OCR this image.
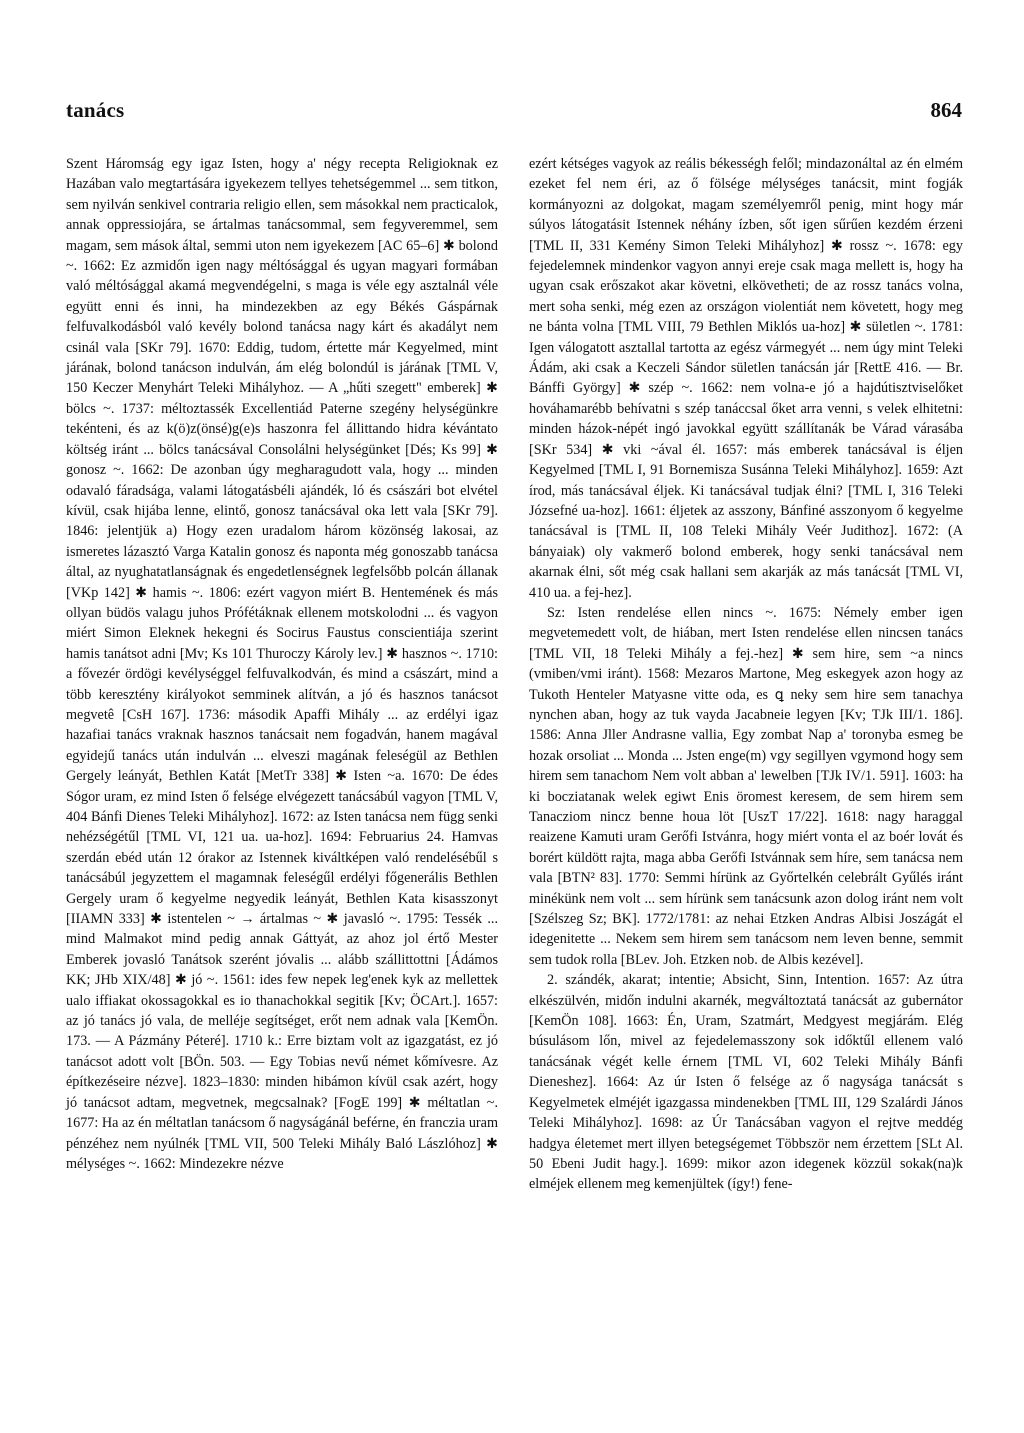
tanács	864

Szent Háromság egy igaz Isten, hogy a' négy recepta Religioknak ez Hazában valo megtartására igyekezem tellyes tehetségemmel ... sem titkon, sem nyilván senkivel contraria religio ellen, sem másokkal nem practicalok, annak oppressiojára, se ártalmas tanácsommal, sem fegyveremmel, sem magam, sem mások által, semmi uton nem igyekezem [AC 65–6] ✱ bolond ~. 1662: Ez azmidőn igen nagy méltósággal és ugyan magyari formában való méltósággal akamá megvendégelni, s maga is véle egy asztalnál véle együtt enni és inni, ha mindezekben az egy Békés Gáspárnak felfuvalkodásból való kevély bolond tanácsa nagy kárt és akadályt nem csinál vala [SKr 79]. 1670: Eddig, tudom, értette már Kegyelmed, mint járának, bolond tanácson indulván, ám elég bolondúl is járának [TML V, 150 Keczer Menyhárt Teleki Mihályhoz. — A „hűti szegett" emberek] ✱ bölcs ~. 1737: méltoztassék Excellentiád Paterne szegény helységünkre tekénteni, és az k(ö)z(önsé)g(e)s haszonra fel állittando hidra kévántato költség iránt ... bölcs tanácsával Consolálni helységünket [Dés; Ks 99] ✱ gonosz ~. 1662: De azonban úgy megharagudott vala, hogy ... minden odavaló fáradsága, valami látogatásbéli ajándék, ló és császári bot elvétel kívül, csak hijába lenne, elintő, gonosz tanácsával oka lett vala [SKr 79]. 1846: jelentjük a) Hogy ezen uradalom három közönség lakosai, az ismeretes lázasztó Varga Katalin gonosz és naponta még gonoszabb tanácsa által, az nyughatatlanságnak és engedetlenségnek legfelsőbb polcán állanak [VKp 142] ✱ hamis ~. 1806: ezért vagyon miért B. Hentemének és más ollyan büdös valagu juhos Prófétáknak ellenem motskolodni ... és vagyon miért Simon Eleknek hekegni és Socirus Faustus conscientiája szerint hamis tanátsot adni [Mv; Ks 101 Thuroczy Károly lev.] ✱ hasznos ~. 1710: a fővezér ördögi kevélységgel felfuvalkodván, és mind a császárt, mind a több keresztény királyokot semminek alítván, a jó és hasznos tanácsot megvetê [CsH 167]. 1736: második Apaffi Mihály ... az erdélyi igaz hazafiai tanács vraknak hasznos tanácsait nem fogadván, hanem magával egyidejű tanács után indulván ... elveszi magának feleségül az Bethlen Gergely leányát, Bethlen Katát [MetTr 338] ✱ Isten ~a. 1670: De édes Sógor uram, ez mind Isten ő felsége elvégezett tanácsábúl vagyon [TML V, 404 Bánfi Dienes Teleki Mihályhoz]. 1672: az Isten tanácsa nem függ senki nehézségétűl [TML VI, 121 ua. ua-hoz]. 1694: Februarius 24. Hamvas szerdán ebéd után 12 órakor az Istennek kiváltképen való rendelésébűl s tanácsábúl jegyzettem el magamnak feleségűl erdélyi főgenerális Bethlen Gergely uram ő kegyelme negyedik leányát, Bethlen Kata kisasszonyt [IIAMN 333] ✱ istentelen ~ → ártalmas ~ ✱ javasló ~. 1795: Tessék ... mind Malmakot mind pedig annak Gáttyát, az ahoz jol értő Mester Emberek jovasló Tanátsok szerént jóvalis ... alább szállittottni [Ádámos KK; JHb XIX/48] ✱ jó ~. 1561: ides few nepek leg'enek kyk az mellettek ualo iffiakat okossagokkal es io thanachokkal segitik [Kv; ÖCArt.]. 1657: az jó tanács jó vala, de melléje segítséget, erőt nem adnak vala [KemÖn. 173. — A Pázmány Péteré]. 1710 k.: Erre biztam volt az igazgatást, ez jó tanácsot adott volt [BÖn. 503. — Egy Tobias nevű német kőmívesre. Az építkezéseire nézve]. 1823–1830: minden hibámon kívül csak azért, hogy jó tanácsot adtam, megvetnek, megcsalnak? [FogE 199] ✱ méltatlan ~. 1677: Ha az én méltatlan tanácsom ő nagyságánál beférne, én franczia uram pénzéhez nem nyúlnék [TML VII, 500 Teleki Mihály Baló Lászlóhoz] ✱ mélységes ~. 1662: Mindezekre nézve

ezért kétséges vagyok az reális békességh felől; mindazonáltal az én elmém ezeket fel nem éri, az ő fölsége mélységes tanácsit, mint fogják kormányozni az dolgokat, magam személyemről penig, mint hogy már súlyos látogatásit Istennek néhány ízben, sőt igen sűrűen kezdém érzeni [TML II, 331 Kemény Simon Teleki Mihályhoz] ✱ rossz ~. 1678: egy fejedelemnek mindenkor vagyon annyi ereje csak maga mellett is, hogy ha ugyan csak erőszakot akar követni, elkövetheti; de az rossz tanács volna, mert soha senki, még ezen az országon violentiát nem követett, hogy meg ne bánta volna [TML VIII, 79 Bethlen Miklós ua-hoz] ✱ sületlen ~. 1781: Igen válogatott asztallal tartotta az egész vármegyét ... nem úgy mint Teleki Ádám, aki csak a Keczeli Sándor sületlen tanácsán jár [RettE 416. — Br. Bánffi György] ✱ szép ~. 1662: nem volna-e jó a hajdútisztviselőket hováhamarébb behívatni s szép tanáccsal őket arra venni, s velek elhitetni: minden házok-népét ingó javokkal együtt szállítanák be Várad várasába [SKr 534] ✱ vki ~ával él. 1657: más emberek tanácsával is éljen Kegyelmed [TML I, 91 Bornemisza Susánna Teleki Mihályhoz]. 1659: Azt írod, más tanácsával éljek. Ki tanácsával tudjak élni? [TML I, 316 Teleki Józsefné ua-hoz]. 1661: éljetek az asszony, Bánfiné asszonyom ő kegyelme tanácsával is [TML II, 108 Teleki Mihály Veér Judithoz]. 1672: (A bányaiak) oly vakmerő bolond emberek, hogy senki tanácsával nem akarnak élni, sőt még csak hallani sem akarják az más tanácsát [TML VI, 410 ua. a fej-hez].

Sz: Isten rendelése ellen nincs ~. 1675: Némely ember igen megvetemedett volt, de hiában, mert Isten rendelése ellen nincsen tanács [TML VII, 18 Teleki Mihály a fej.-hez] ✱ sem hire, sem ~a nincs (vmiben/vmi iránt). 1568: Mezaros Martone, Meg eskegyek azon hogy az Tukoth Henteler Matyasne vitte oda, es ꝗ neky sem hire sem tanachya nynchen aban, hogy az tuk vayda Jacabneie legyen [Kv; TJk III/1. 186]. 1586: Anna Jller Andrasne vallia, Egy zombat Nap a' toronyba esmeg be hozak orsoliat ... Monda ... Jsten enge(m) vgy segillyen vgymond hogy sem hirem sem tanachom Nem volt abban a' lewelben [TJk IV/1. 591]. 1603: ha ki bocziatanak welek egiwt Enis öromest keresem, de sem hirem sem Tanacziom nincz benne houa löt [UszT 17/22]. 1618: nagy haraggal reaizene Kamuti uram Gerőfi Istvánra, hogy miért vonta el az boér lovát és borért küldött rajta, maga abba Gerőfi Istvánnak sem híre, sem tanácsa nem vala [BTN² 83]. 1770: Semmi hírünk az Győrtelkén celebrált Gyűlés iránt minékünk nem volt ... sem hírünk sem tanácsunk azon dolog iránt nem volt [Szélszeg Sz; BK]. 1772/1781: az nehai Etzken Andras Albisi Joszágát el idegenitette ... Nekem sem hirem sem tanácsom nem leven benne, semmit sem tudok rolla [BLev. Joh. Etzken nob. de Albis kezével].

2. szándék, akarat; intentie; Absicht, Sinn, Intention. 1657: Az útra elkészülvén, midőn indulni akarnék, megváltoztatá tanácsát az gubernátor [KemÖn 108]. 1663: Én, Uram, Szatmárt, Medgyest megjárám. Elég búsulásom lőn, mivel az fejedelemasszony sok időktűl ellenem való tanácsának végét kelle érnem [TML VI, 602 Teleki Mihály Bánfi Dieneshez]. 1664: Az úr Isten ő felsége az ő nagysága tanácsát s Kegyelmetek elméjét igazgassa mindenekben [TML III, 129 Szalárdi János Teleki Mihályhoz]. 1698: az Úr Tanácsában vagyon el rejtve meddég hadgya életemet mert illyen betegségemet Többször nem érzettem [SLt Al. 50 Ebeni Judit hagy.]. 1699: mikor azon idegenek közzül sokak(na)k elméjek ellenem meg kemenjültek (így!) fene-
